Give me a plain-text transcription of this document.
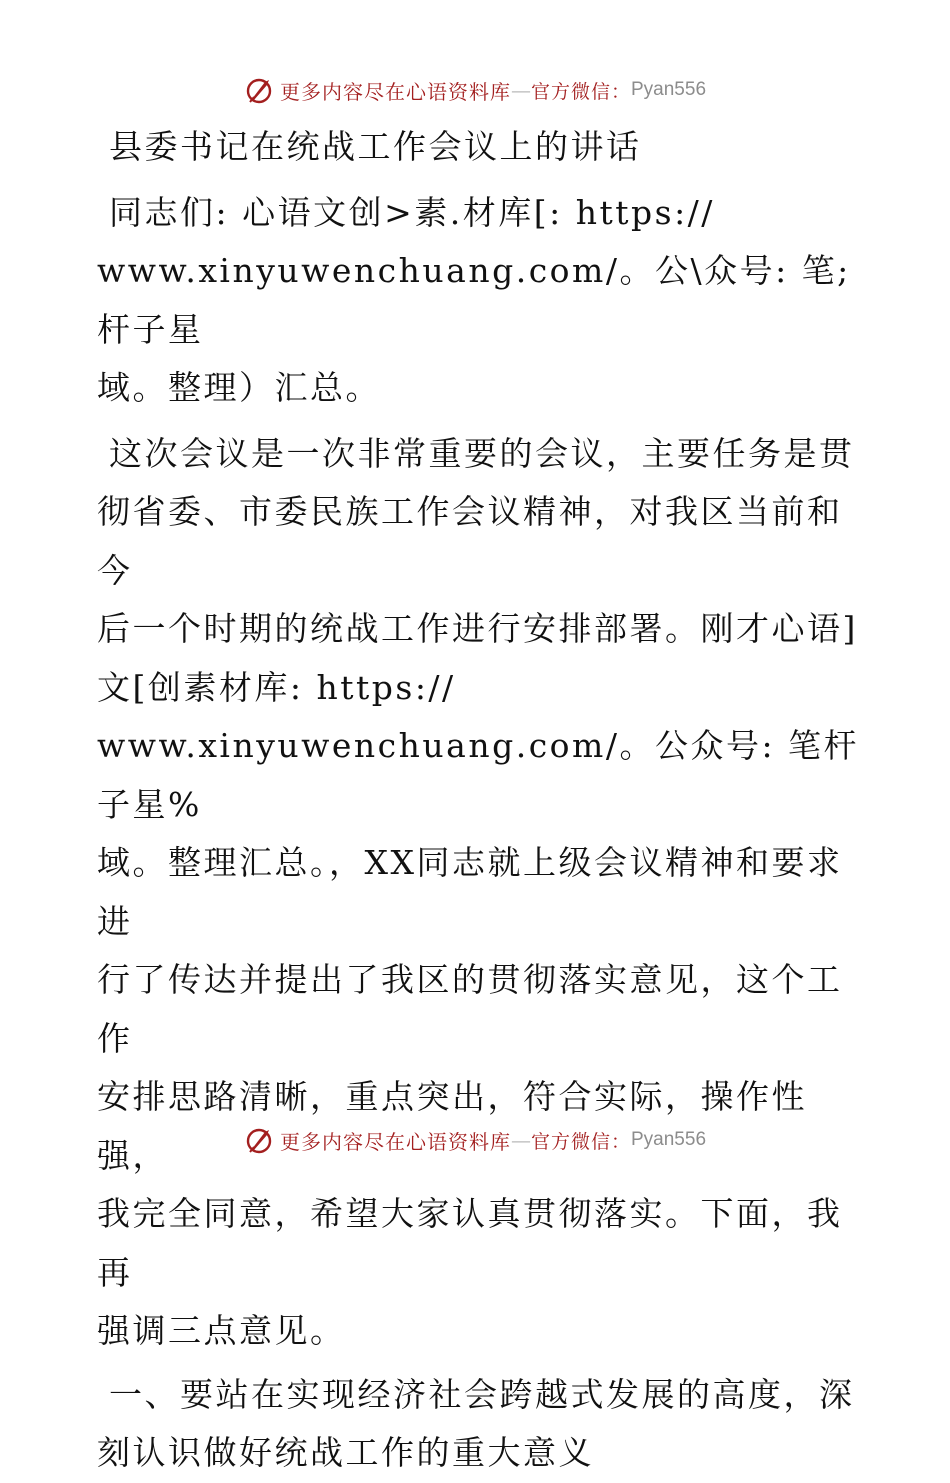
更多内容尽在心语资料库 — 官方微信： Pyan556

县委书记在统战工作会议上的讲话

同志们: 心语文创>素.材库[: https://
www.xinyuwenchuang.com/。公\众号: 笔;杆子星
域。整理）汇总。
这次会议是一次非常重要的会议，主要任务是贯
彻省委、市委民族工作会议精神，对我区当前和今
后一个时期的统战工作进行安排部署。刚才心语]
文[创素材库: https://
www.xinyuwenchuang.com/。公众号: 笔杆子星%
域。整理汇总。，XX同志就上级会议精神和要求进
行了传达并提出了我区的贯彻落实意见，这个工作
安排思路清晰，重点突出，符合实际，操作性强，
我完全同意，希望大家认真贯彻落实。下面，我再
强调三点意见。
一、要站在实现经济社会跨越式发展的高度，深
刻认识做好统战工作的重大意义
更多内容尽在心语资料库 — 官方微信： Pyan556
